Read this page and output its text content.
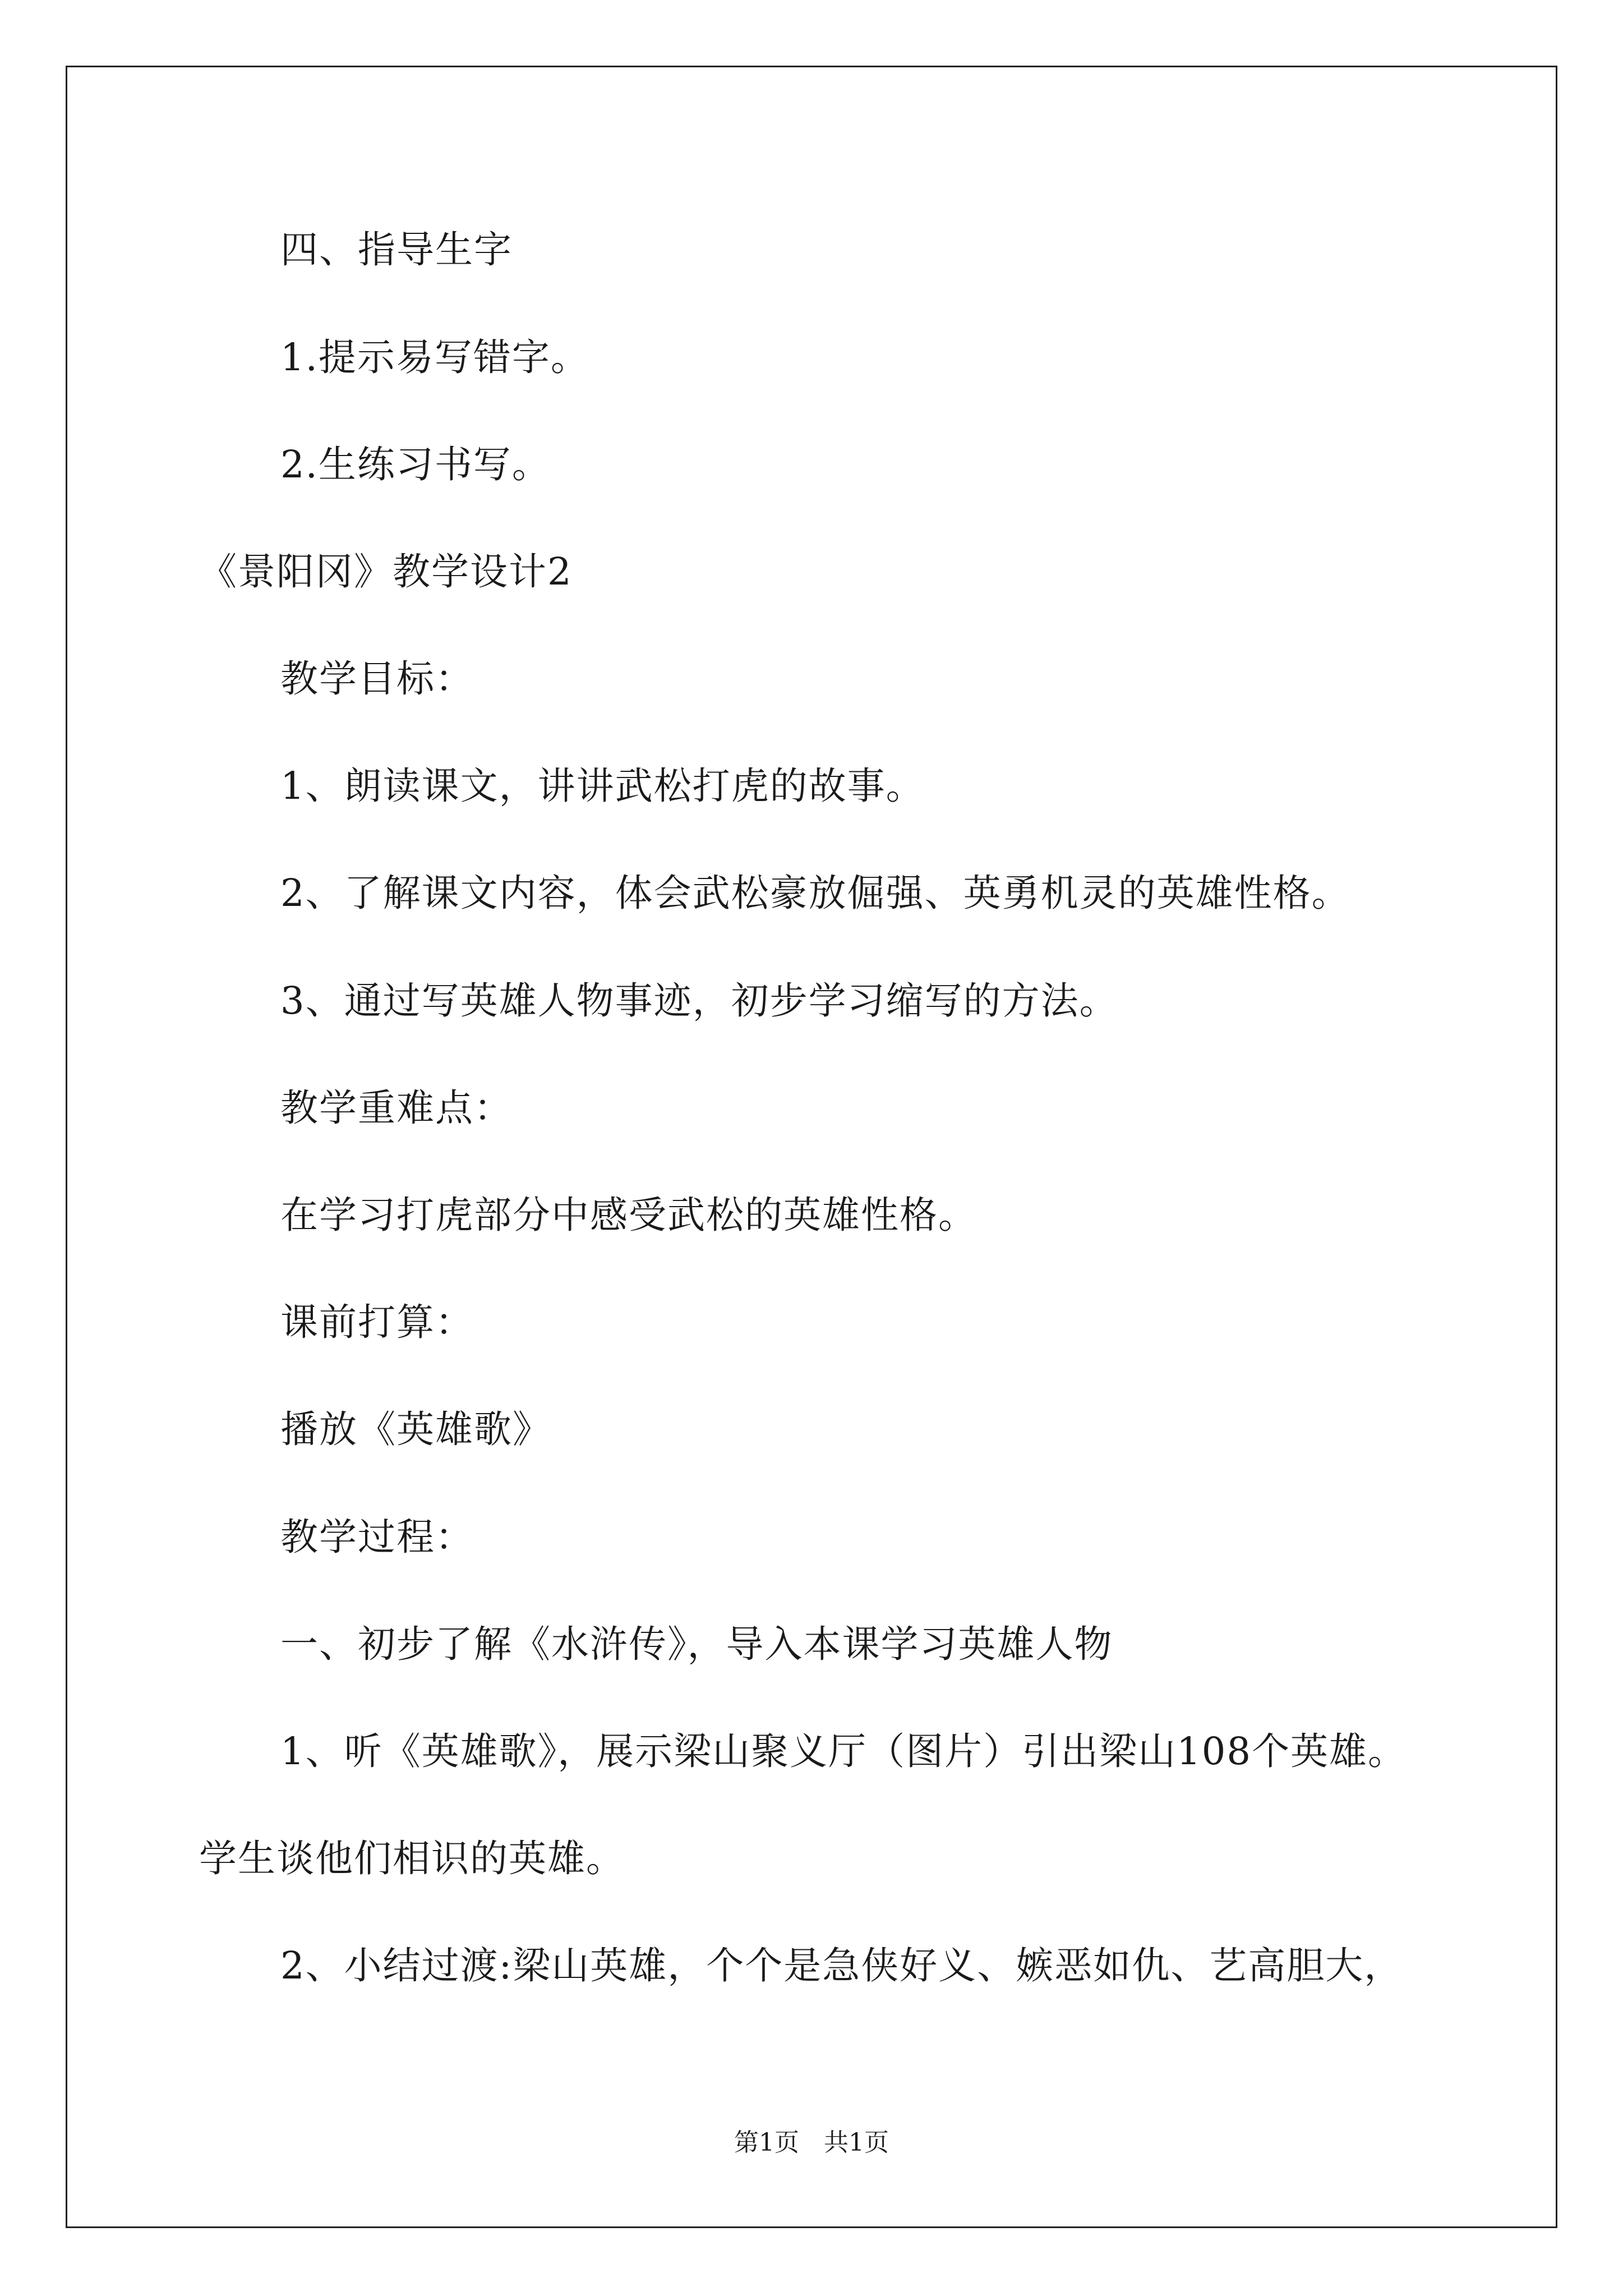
四、指导生字
1.提示易写错字。
2.生练习书写。
《景阳冈》教学设计2
教学目标：
1、朗读课文，讲讲武松打虎的故事。
2、了解课文内容，体会武松豪放倔强、英勇机灵的英雄性格。
3、通过写英雄人物事迹，初步学习缩写的方法。
教学重难点：
在学习打虎部分中感受武松的英雄性格。
课前打算：
播放《英雄歌》
教学过程：
一、初步了解《水浒传》，导入本课学习英雄人物
1、听《英雄歌》，展示梁山聚义厅（图片）引出梁山108个英雄。
学生谈他们相识的英雄。
2、小结过渡:梁山英雄，个个是急侠好义、嫉恶如仇、艺高胆大，
第1页　共1页
